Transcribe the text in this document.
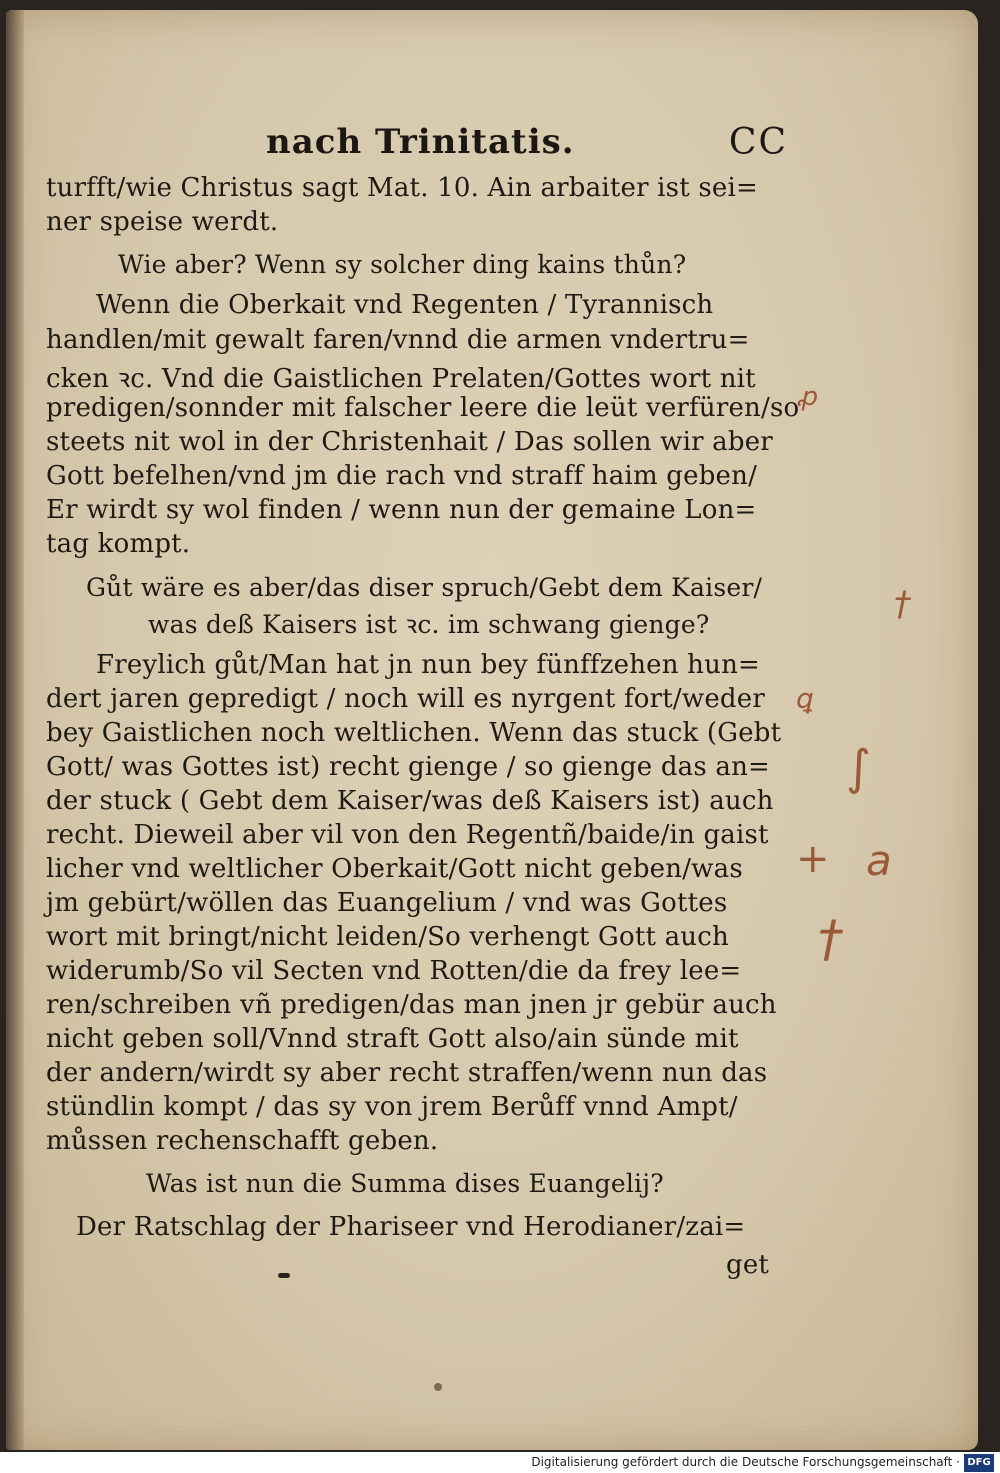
nach Trinitatis.	CC
turfft/wie Christus sagt Mat. 10. Ain arbaiter ist sei=
ner speise werdt.
Wie aber? Wenn sy solcher ding kains thůn?
Wenn die Oberkait vnd Regenten / Tyrannisch
handlen/mit gewalt faren/vnnd die armen vndertru=
cken ꝛc. Vnd die Gaistlichen Prelaten/Gottes wort nit
predigen/sonnder mit falscher leere die leüt verfüren/so
steets nit wol in der Christenhait / Das sollen wir aber
Gott befelhen/vnd jm die rach vnd straff haim geben/
Er wirdt sy wol finden / wenn nun der gemaine Lon=
tag kompt.
Gůt wäre es aber/das diser spruch/Gebt dem Kaiser/
was deß Kaisers ist ꝛc. im schwang gienge?
Freylich gůt/Man hat jn nun bey fünffzehen hun=
dert jaren gepredigt / noch will es nyrgent fort/weder
bey Gaistlichen noch weltlichen. Wenn das stuck (Gebt
Gott/ was Gottes ist) recht gienge / so gienge das an=
der stuck ( Gebt dem Kaiser/was deß Kaisers ist) auch
recht. Dieweil aber vil von den Regentñ/baide/in gaist
licher vnd weltlicher Oberkait/Gott nicht geben/was
jm gebürt/wöllen das Euangelium / vnd was Gottes
wort mit bringt/nicht leiden/So verhengt Gott auch
widerumb/So vil Secten vnd Rotten/die da frey lee=
ren/schreiben vñ predigen/das man jnen jr gebür auch
nicht geben soll/Vnnd straft Gott also/ain sünde mit
der andern/wirdt sy aber recht straffen/wenn nun das
stündlin kompt / das sy von jrem Berůff vnnd Ampt/
můssen rechenschafft geben.
Was ist nun die Summa dises Euangelij?
Der Ratschlag der Phariseer vnd Herodianer/zai=
get
ꝓ
†
ꝗ
∫
a
+
†
Digitalisierung gefördert durch die Deutsche Forschungsgemeinschaft · DFG
